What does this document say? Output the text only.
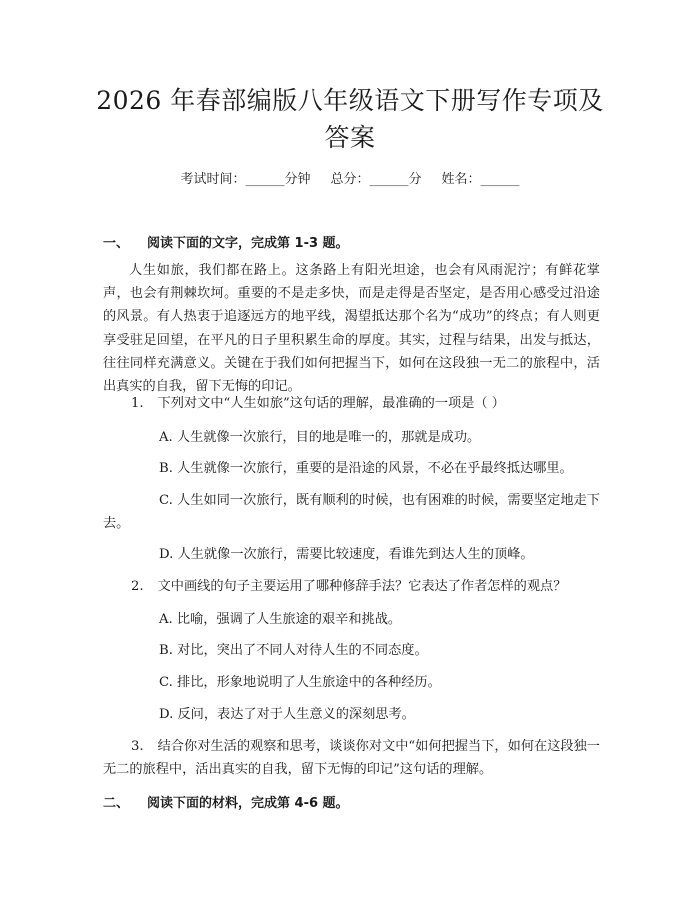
2026 年春部编版八年级语文下册写作专项及
答案
考试时间：______分钟 总分：______分 姓名：______
一、 阅读下面的文字，完成第 1-3 题。

人生如旅，我们都在路上。这条路上有阳光坦途，也会有风雨泥泞；有鲜花掌声，也会有荆棘坎坷。重要的不是走多快，而是走得是否坚定，是否用心感受过沿途的风景。有人热衷于追逐远方的地平线，渴望抵达那个名为“成功”的终点；有人则更享受驻足回望，在平凡的日子里积累生命的厚度。其实，过程与结果，出发与抵达，往往同样充满意义。关键在于我们如何把握当下，如何在这段独一无二的旅程中，活出真实的自我，留下无悔的印记。

1. 下列对文中“人生如旅”这句话的理解，最准确的一项是（ ）

A. 人生就像一次旅行，目的地是唯一的，那就是成功。

B. 人生就像一次旅行，重要的是沿途的风景，不必在乎最终抵达哪里。

C. 人生如同一次旅行，既有顺利的时候，也有困难的时候，需要坚定地走下去。

D. 人生就像一次旅行，需要比较速度，看谁先到达人生的顶峰。

2. 文中画线的句子主要运用了哪种修辞手法？它表达了作者怎样的观点？

A. 比喻，强调了人生旅途的艰辛和挑战。

B. 对比，突出了不同人对待人生的不同态度。

C. 排比，形象地说明了人生旅途中的各种经历。

D. 反问，表达了对于人生意义的深刻思考。

3. 结合你对生活的观察和思考，谈谈你对文中“如何把握当下，如何在这段独一无二的旅程中，活出真实的自我，留下无悔的印记”这句话的理解。

二、 阅读下面的材料，完成第 4-6 题。
